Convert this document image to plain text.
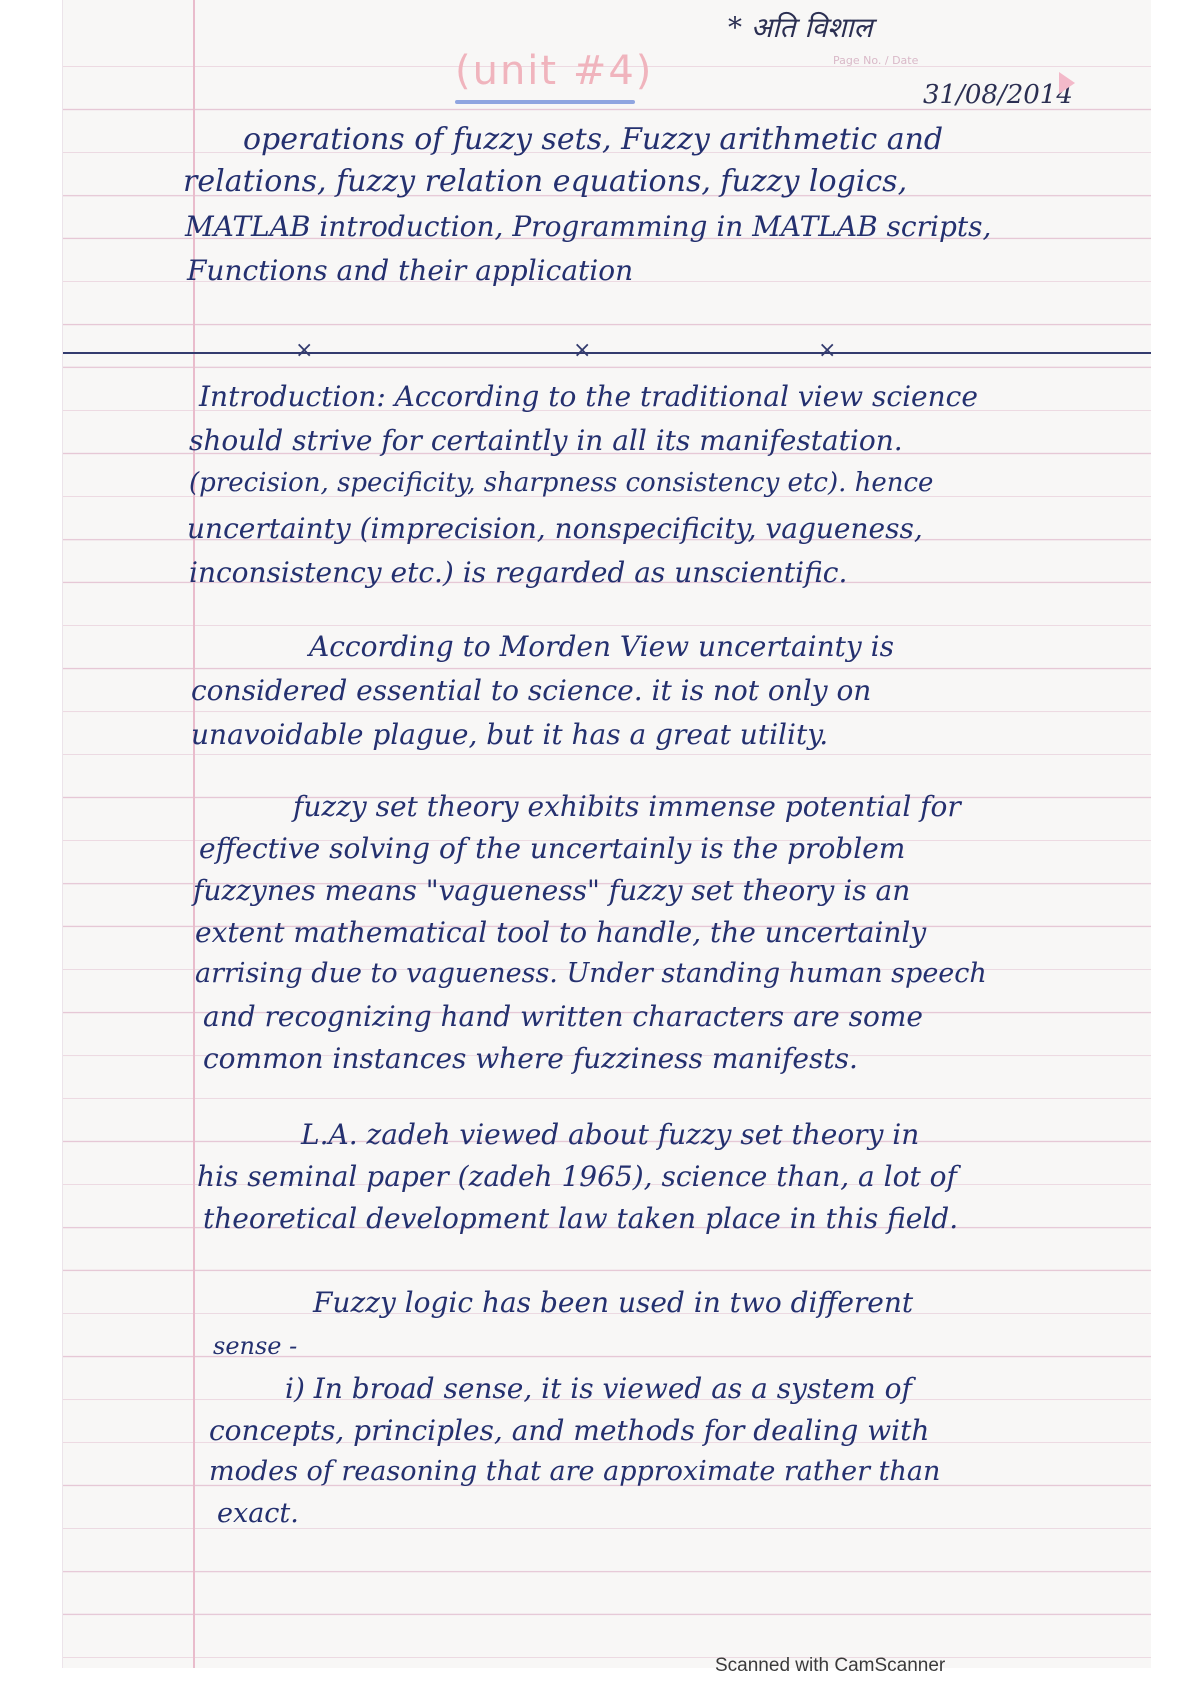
* अति विशाल
(unit #4)	Page No. / Date
31/08/2014
operations of fuzzy sets, Fuzzy arithmetic and
relations, fuzzy relation equations, fuzzy logics,
MATLAB introduction, Programming in MATLAB scripts,
Functions and their application
×	×	×
Introduction: According to the traditional view science
should strive for certaintly in all its manifestation.
(precision, specificity, sharpness consistency etc). hence
uncertainty (imprecision, nonspecificity, vagueness,
inconsistency etc.) is regarded as unscientific.
According to Morden View uncertainty is
considered essential to science. it is not only on
unavoidable plague, but it has a great utility.
fuzzy set theory exhibits immense potential for
effective solving of the uncertainly is the problem
fuzzynes means "vagueness" fuzzy set theory is an
extent mathematical tool to handle, the uncertainly
arrising due to vagueness. Under standing human speech
and recognizing hand written characters are some
common instances where fuzziness manifests.
L.A. zadeh viewed about fuzzy set theory in
his seminal paper (zadeh 1965), science than, a lot of
theoretical development law taken place in this field.
Fuzzy logic has been used in two different
sense -
i) In broad sense, it is viewed as a system of
concepts, principles, and methods for dealing with
modes of reasoning that are approximate rather than
exact.
Scanned with CamScanner
